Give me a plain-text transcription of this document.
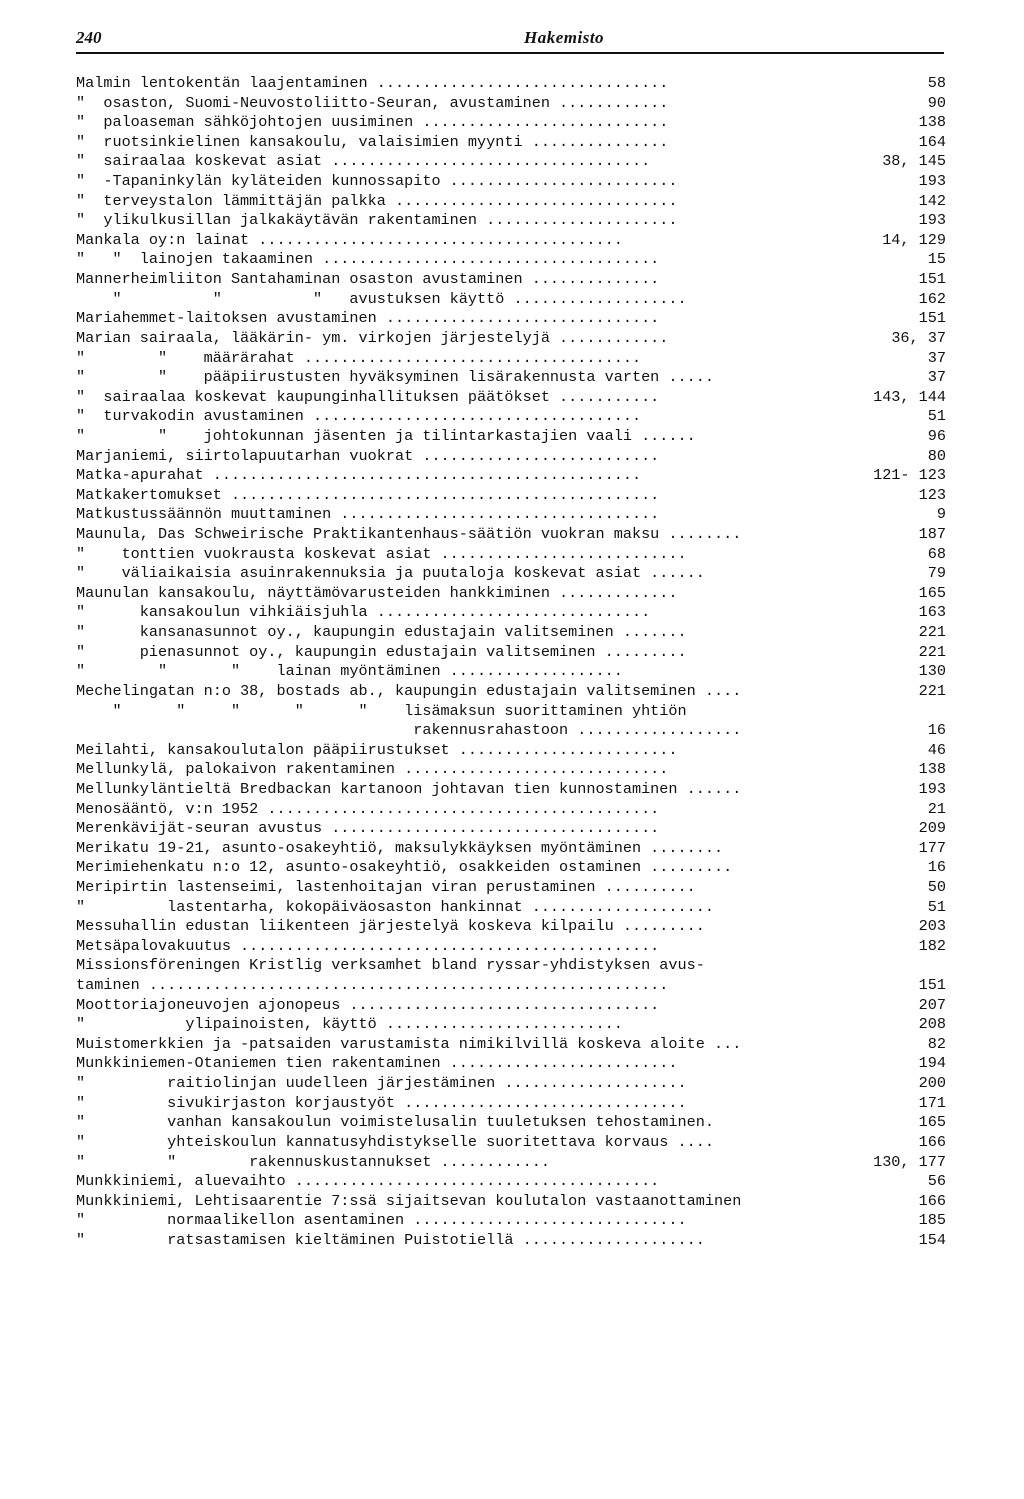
240	Hakemisto
Malmin lentokentän laajentaminen ................................	58
"  osaston, Suomi-Neuvostoliitto-Seuran, avustaminen ............	90
"  paloaseman sähköjohtojen uusiminen ...........................	138
"  ruotsinkielinen kansakoulu, valaisimien myynti ...............	164
"  sairaalaa koskevat asiat ...................................	38, 145
"  -Tapaninkylän kyläteiden kunnossapito .........................	193
"  terveystalon lämmittäjän palkka ...............................	142
"  ylikulkusillan jalkakäytävän rakentaminen .....................	193
Mankala oy:n lainat ........................................	14, 129
"   "  lainojen takaaminen .....................................	15
Mannerheimliiton Santahaminan osaston avustaminen ..............	151
"          "          "   avustuksen käyttö ...................	162
Mariahemmet-laitoksen avustaminen ..............................	151
Marian sairaala, lääkärin- ym. virkojen järjestelyjä ............	36, 37
"        "    määrärahat .....................................	37
"        "    pääpiirustusten hyväksyminen lisärakennusta varten .....	37
"  sairaalaa koskevat kaupunginhallituksen päätökset ...........	143, 144
"  turvakodin avustaminen ....................................	51
"        "    johtokunnan jäsenten ja tilintarkastajien vaali ......	96
Marjaniemi, siirtolapuutarhan vuokrat ..........................	80
Matka-apurahat ...............................................	121- 123
Matkakertomukset ...............................................	123
Matkustussäännön muuttaminen ...................................	9
Maunula, Das Schweirische Praktikantenhaus-säätiön vuokran maksu ........	187
"    tonttien vuokrausta koskevat asiat ...........................	68
"    väliaikaisia asuinrakennuksia ja puutaloja koskevat asiat ......	79
Maunulan kansakoulu, näyttämövarusteiden hankkiminen .............	165
"      kansakoulun vihkiäisjuhla ..............................	163
"      kansanasunnot oy., kaupungin edustajain valitseminen .......	221
"      pienasunnot oy., kaupungin edustajain valitseminen .........	221
"        "       "    lainan myöntäminen ...................	130
Mechelingatan n:o 38, bostads ab., kaupungin edustajain valitseminen ....	221
"      "     "      "      "    lisämaksun suorittaminen yhtiön
rakennusrahastoon ..................	16
Meilahti, kansakoulutalon pääpiirustukset ........................	46
Mellunkylä, palokaivon rakentaminen .............................	138
Mellunkyläntieltä Bredbackan kartanoon johtavan tien kunnostaminen ......	193
Menosääntö, v:n 1952 ...........................................	21
Merenkävijät-seuran avustus ....................................	209
Merikatu 19-21, asunto-osakeyhtiö, maksulykkäyksen myöntäminen ........	177
Merimiehenkatu n:o 12, asunto-osakeyhtiö, osakkeiden ostaminen .........	16
Meripirtin lastenseimi, lastenhoitajan viran perustaminen ..........	50
"         lastentarha, kokopäiväosaston hankinnat ....................	51
Messuhallin edustan liikenteen järjestelyä koskeva kilpailu .........	203
Metsäpalovakuutus ..............................................	182
Missionsföreningen Kristlig verksamhet bland ryssar-yhdistyksen avus-
taminen .........................................................	151
Moottoriajoneuvojen ajonopeus ..................................	207
"           ylipainoisten, käyttö ..........................	208
Muistomerkkien ja -patsaiden varustamista nimikilvillä koskeva aloite ...	82
Munkkiniemen-Otaniemen tien rakentaminen .........................	194
"         raitiolinjan uudelleen järjestäminen ....................	200
"         sivukirjaston korjaustyöt ...............................	171
"         vanhan kansakoulun voimistelusalin tuuletuksen tehostaminen.	165
"         yhteiskoulun kannatusyhdistykselle suoritettava korvaus ....	166
"         "        rakennuskustannukset ............	130, 177
Munkkiniemi, aluevaihto ........................................	56
Munkkiniemi, Lehtisaarentie 7:ssä sijaitsevan koulutalon vastaanottaminen	166
"         normaalikellon asentaminen ..............................	185
"         ratsastamisen kieltäminen Puistotiellä ....................	154
